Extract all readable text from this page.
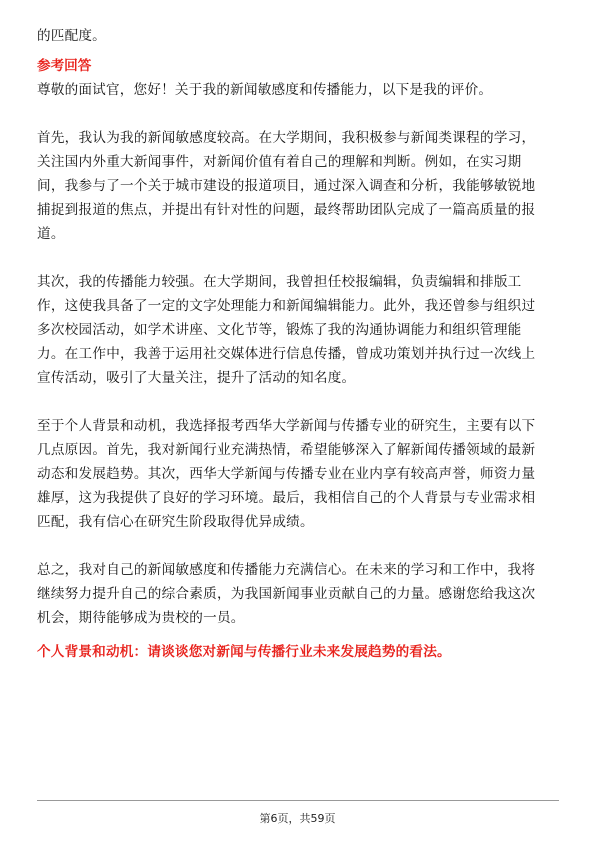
的匹配度。
参考回答
尊敬的面试官，您好！关于我的新闻敏感度和传播能力，以下是我的评价。
首先，我认为我的新闻敏感度较高。在大学期间，我积极参与新闻类课程的学习，
关注国内外重大新闻事件，对新闻价值有着自己的理解和判断。例如，在实习期
间，我参与了一个关于城市建设的报道项目，通过深入调查和分析，我能够敏锐地
捕捉到报道的焦点，并提出有针对性的问题，最终帮助团队完成了一篇高质量的报
道。
其次，我的传播能力较强。在大学期间，我曾担任校报编辑，负责编辑和排版工
作，这使我具备了一定的文字处理能力和新闻编辑能力。此外，我还曾参与组织过
多次校园活动，如学术讲座、文化节等，锻炼了我的沟通协调能力和组织管理能
力。在工作中，我善于运用社交媒体进行信息传播，曾成功策划并执行过一次线上
宣传活动，吸引了大量关注，提升了活动的知名度。
至于个人背景和动机，我选择报考西华大学新闻与传播专业的研究生，主要有以下
几点原因。首先，我对新闻行业充满热情，希望能够深入了解新闻传播领域的最新
动态和发展趋势。其次，西华大学新闻与传播专业在业内享有较高声誉，师资力量
雄厚，这为我提供了良好的学习环境。最后，我相信自己的个人背景与专业需求相
匹配，我有信心在研究生阶段取得优异成绩。
总之，我对自己的新闻敏感度和传播能力充满信心。在未来的学习和工作中，我将
继续努力提升自己的综合素质，为我国新闻事业贡献自己的力量。感谢您给我这次
机会，期待能够成为贵校的一员。
个人背景和动机：请谈谈您对新闻与传播行业未来发展趋势的看法。
第6页，共59页
